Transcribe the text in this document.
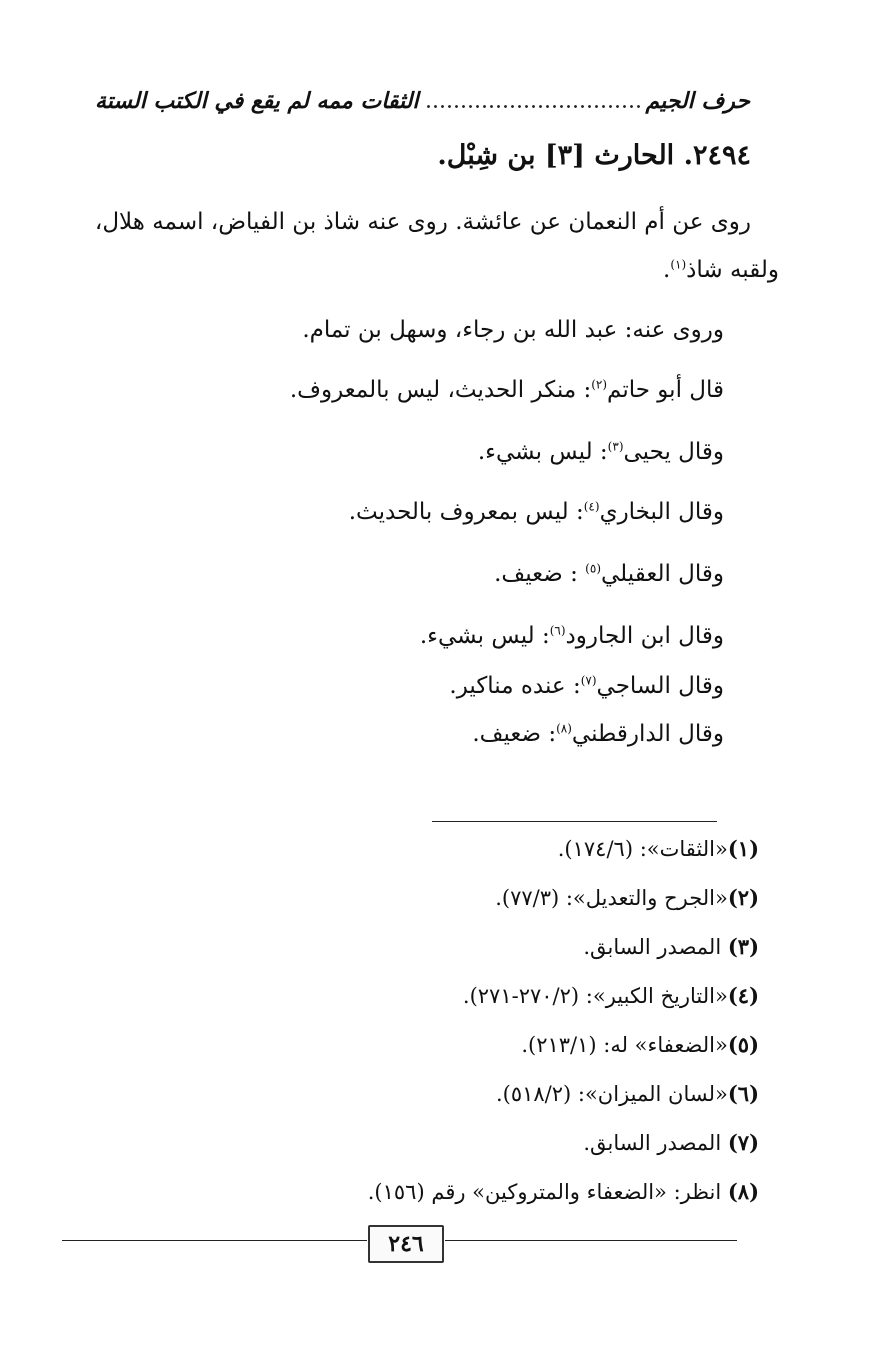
حرف الجيم
الثقات ممه لم يقع في الكتب الستة
٢٤٩٤. الحارث [٣] بن شِبْل.
روى عن أم النعمان عن عائشة. روى عنه شاذ بن الفياض، اسمه هلال،
ولقبه شاذ$^{(١)}$.
وروى عنه: عبد الله بن رجاء، وسهل بن تمام.
قال أبو حاتم$^{(٢)}$: منكر الحديث، ليس بالمعروف.
وقال يحيى$^{(٣)}$: ليس بشيء.
وقال البخاري$^{(٤)}$: ليس بمعروف بالحديث.
وقال العقيلي$^{(٥)}$ : ضعيف.
وقال ابن الجارود$^{(٦)}$: ليس بشيء.
وقال الساجي$^{(٧)}$: عنده مناكير.
وقال الدارقطني$^{(٨)}$: ضعيف.
(١)«الثقات»: (١٧٤/٦).
(٢)«الجرح والتعديل»: (٧٧/٣).
(٣) المصدر السابق.
(٤)«التاريخ الكبير»: (٢٧٠/٢-٢٧١).
(٥)«الضعفاء» له: (٢١٣/١).
(٦)«لسان الميزان»: (٥١٨/٢).
(٧) المصدر السابق.
(٨) انظر: «الضعفاء والمتروكين» رقم (١٥٦).
٢٤٦
